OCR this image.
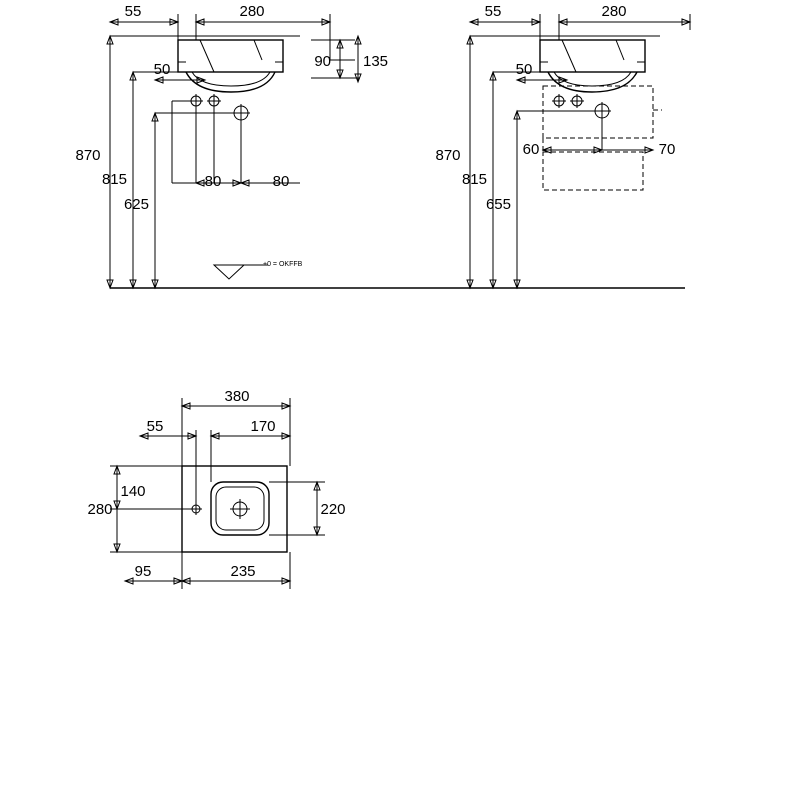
+0 = OKFFB
870
815
625
55	280
50	90 135
80	80
870
815
655
55	280
50
60	70
380
55	170
140
280	220
95	235
